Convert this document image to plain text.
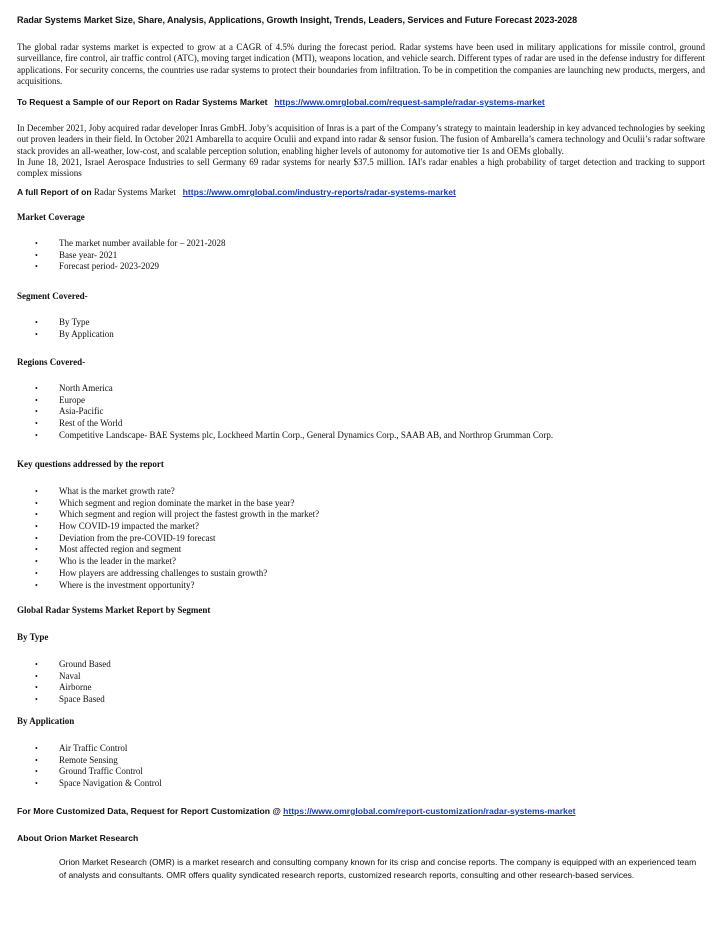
Radar Systems Market Size, Share, Analysis, Applications, Growth Insight, Trends, Leaders, Services and Future Forecast 2023-2028
The global radar systems market is expected to grow at a CAGR of 4.5% during the forecast period. Radar systems have been used in military applications for missile control, ground surveillance, fire control, air traffic control (ATC), moving target indication (MTI), weapons location, and vehicle search. Different types of radar are used in the defense industry for different applications. For security concerns, the countries use radar systems to protect their boundaries from infiltration. To be in competition the companies are launching new products, mergers, and acquisitions.
To Request a Sample of our Report on Radar Systems Market https://www.omrglobal.com/request-sample/radar-systems-market
In December 2021, Joby acquired radar developer Inras GmbH. Joby’s acquisition of Inras is a part of the Company’s strategy to maintain leadership in key advanced technologies by seeking out proven leaders in their field. In October 2021 Ambarella to acquire Oculii and expand into radar & sensor fusion. The fusion of Ambarella’s camera technology and Oculii’s radar software stack provides an all-weather, low-cost, and scalable perception solution, enabling higher levels of autonomy for automotive tier 1s and OEMs globally.
In June 18, 2021, Israel Aerospace Industries to sell Germany 69 radar systems for nearly $37.5 million. IAI's radar enables a high probability of target detection and tracking to support complex missions
A full Report of on Radar Systems Market https://www.omrglobal.com/industry-reports/radar-systems-market
Market Coverage
• The market number available for – 2021-2028
• Base year- 2021
• Forecast period- 2023-2029
Segment Covered-
• By Type
• By Application
Regions Covered-
• North America
• Europe
• Asia-Pacific
• Rest of the World
• Competitive Landscape- BAE Systems plc, Lockheed Martin Corp., General Dynamics Corp., SAAB AB, and Northrop Grumman Corp.
Key questions addressed by the report
• What is the market growth rate?
• Which segment and region dominate the market in the base year?
• Which segment and region will project the fastest growth in the market?
• How COVID-19 impacted the market?
• Deviation from the pre-COVID-19 forecast
• Most affected region and segment
• Who is the leader in the market?
• How players are addressing challenges to sustain growth?
• Where is the investment opportunity?
Global Radar Systems Market Report by Segment
By Type
• Ground Based
• Naval
• Airborne
• Space Based
By Application
• Air Traffic Control
• Remote Sensing
• Ground Traffic Control
• Space Navigation & Control
For More Customized Data, Request for Report Customization @ https://www.omrglobal.com/report-customization/radar-systems-market
About Orion Market Research
Orion Market Research (OMR) is a market research and consulting company known for its crisp and concise reports. The company is equipped with an experienced team of analysts and consultants. OMR offers quality syndicated research reports, customized research reports, consulting and other research-based services.
